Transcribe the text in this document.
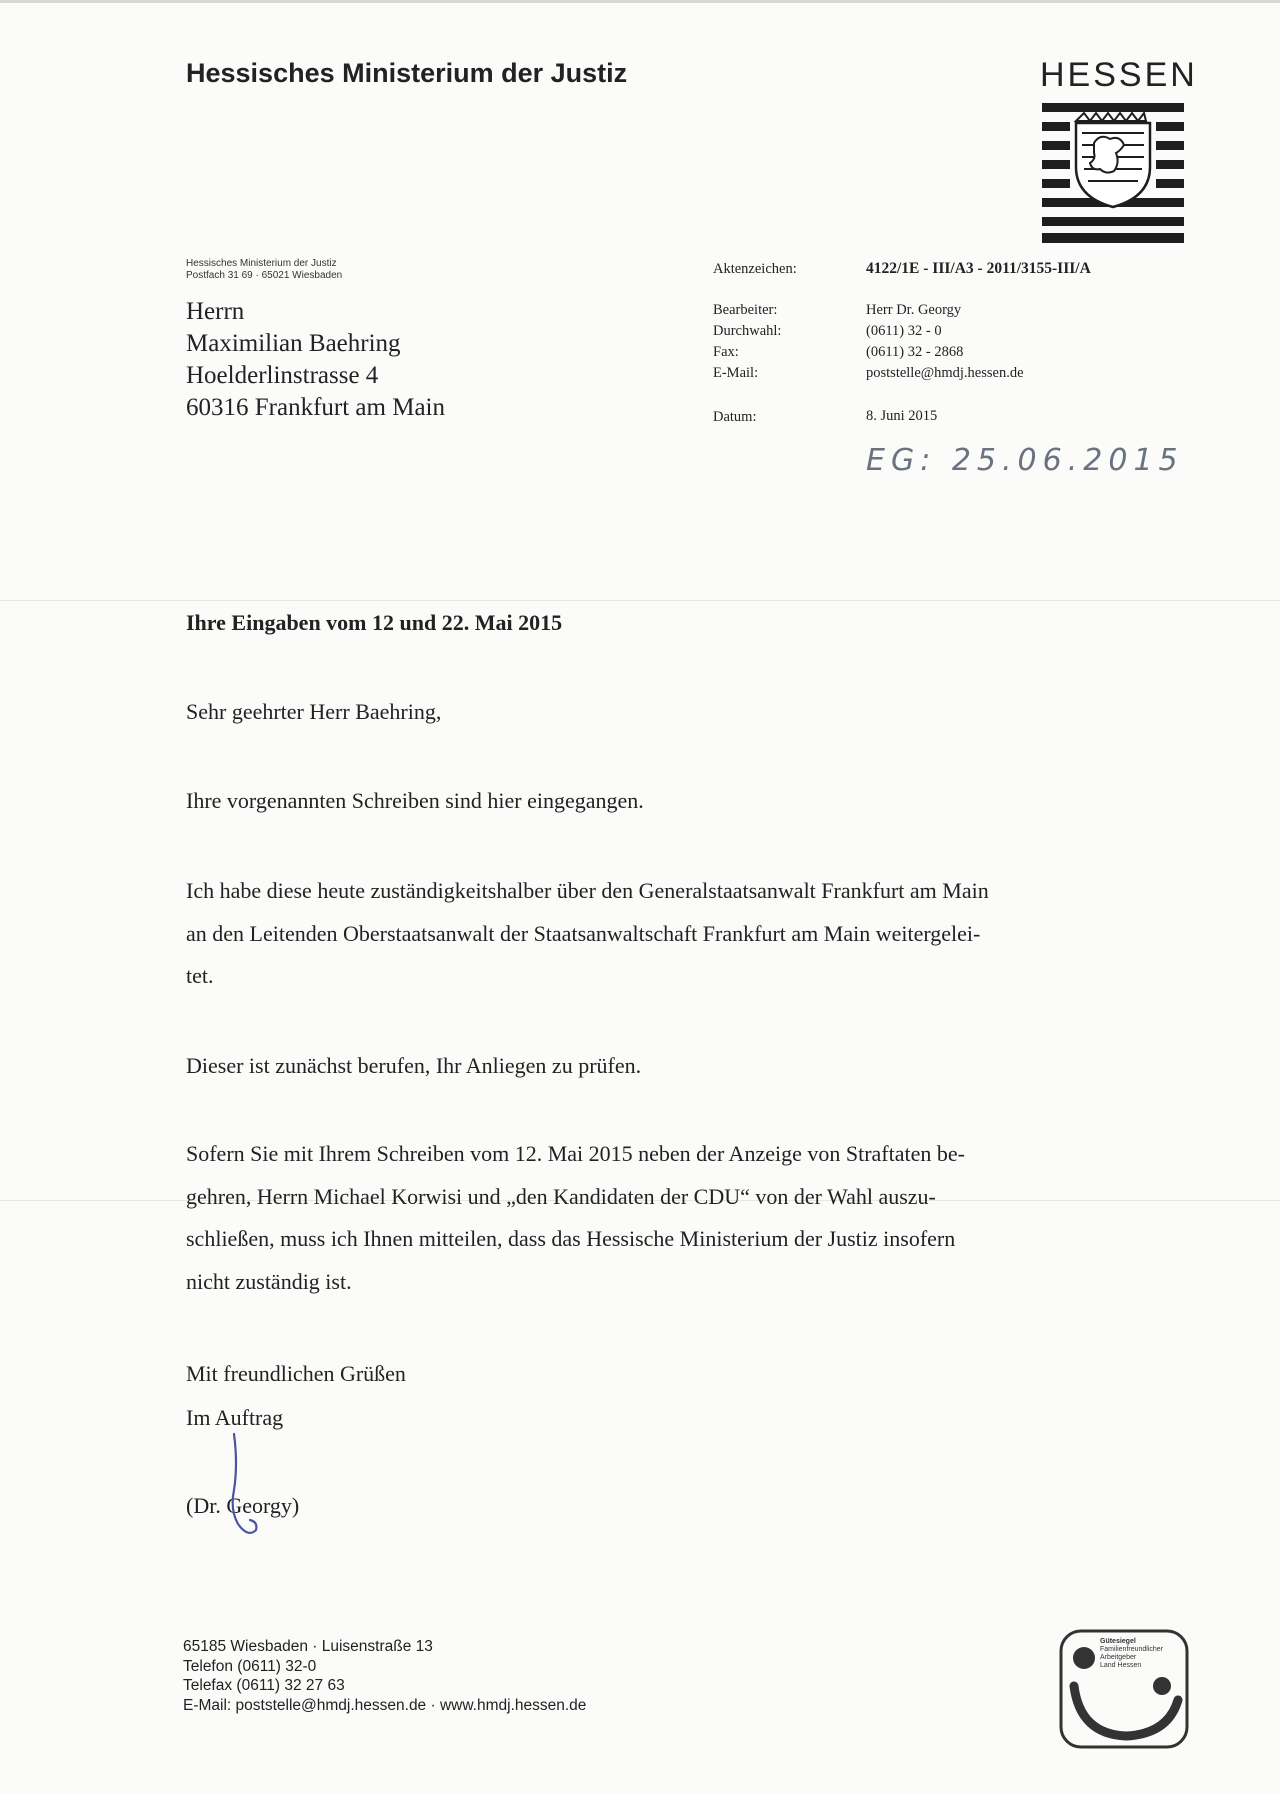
Hessisches Ministerium der Justiz	HESSEN
Hessisches Ministerium der Justiz
Postfach 31 69 · 65021 Wiesbaden
Herrn
Maximilian Baehring
Hoelderlinstrasse 4
60316 Frankfurt am Main
Aktenzeichen:	4122/1E - III/A3 - 2011/3155-III/A
Bearbeiter:	Herr Dr. Georgy
Durchwahl:	(0611) 32 - 0
Fax:	(0611) 32 - 2868
E-Mail:	poststelle@hmdj.hessen.de
Datum:	8. Juni 2015
EG: 25.06.2015
Ihre Eingaben vom 12 und 22. Mai 2015
Sehr geehrter Herr Baehring,
Ihre vorgenannten Schreiben sind hier eingegangen.
Ich habe diese heute zuständigkeitshalber über den Generalstaatsanwalt Frankfurt am Main
an den Leitenden Oberstaatsanwalt der Staatsanwaltschaft Frankfurt am Main weitergelei-
tet.
Dieser ist zunächst berufen, Ihr Anliegen zu prüfen.
Sofern Sie mit Ihrem Schreiben vom 12. Mai 2015 neben der Anzeige von Straftaten be-
gehren, Herrn Michael Korwisi und „den Kandidaten der CDU“ von der Wahl auszu-
schließen, muss ich Ihnen mitteilen, dass das Hessische Ministerium der Justiz insofern
nicht zuständig ist.
Mit freundlichen Grüßen
Im Auftrag
(Dr. Georgy)
65185 Wiesbaden · Luisenstraße 13
Telefon (0611) 32-0
Telefax (0611) 32 27 63
E-Mail: poststelle@hmdj.hessen.de · www.hmdj.hessen.de
Gütesiegel
Familienfreundlicher
Arbeitgeber
Land Hessen
